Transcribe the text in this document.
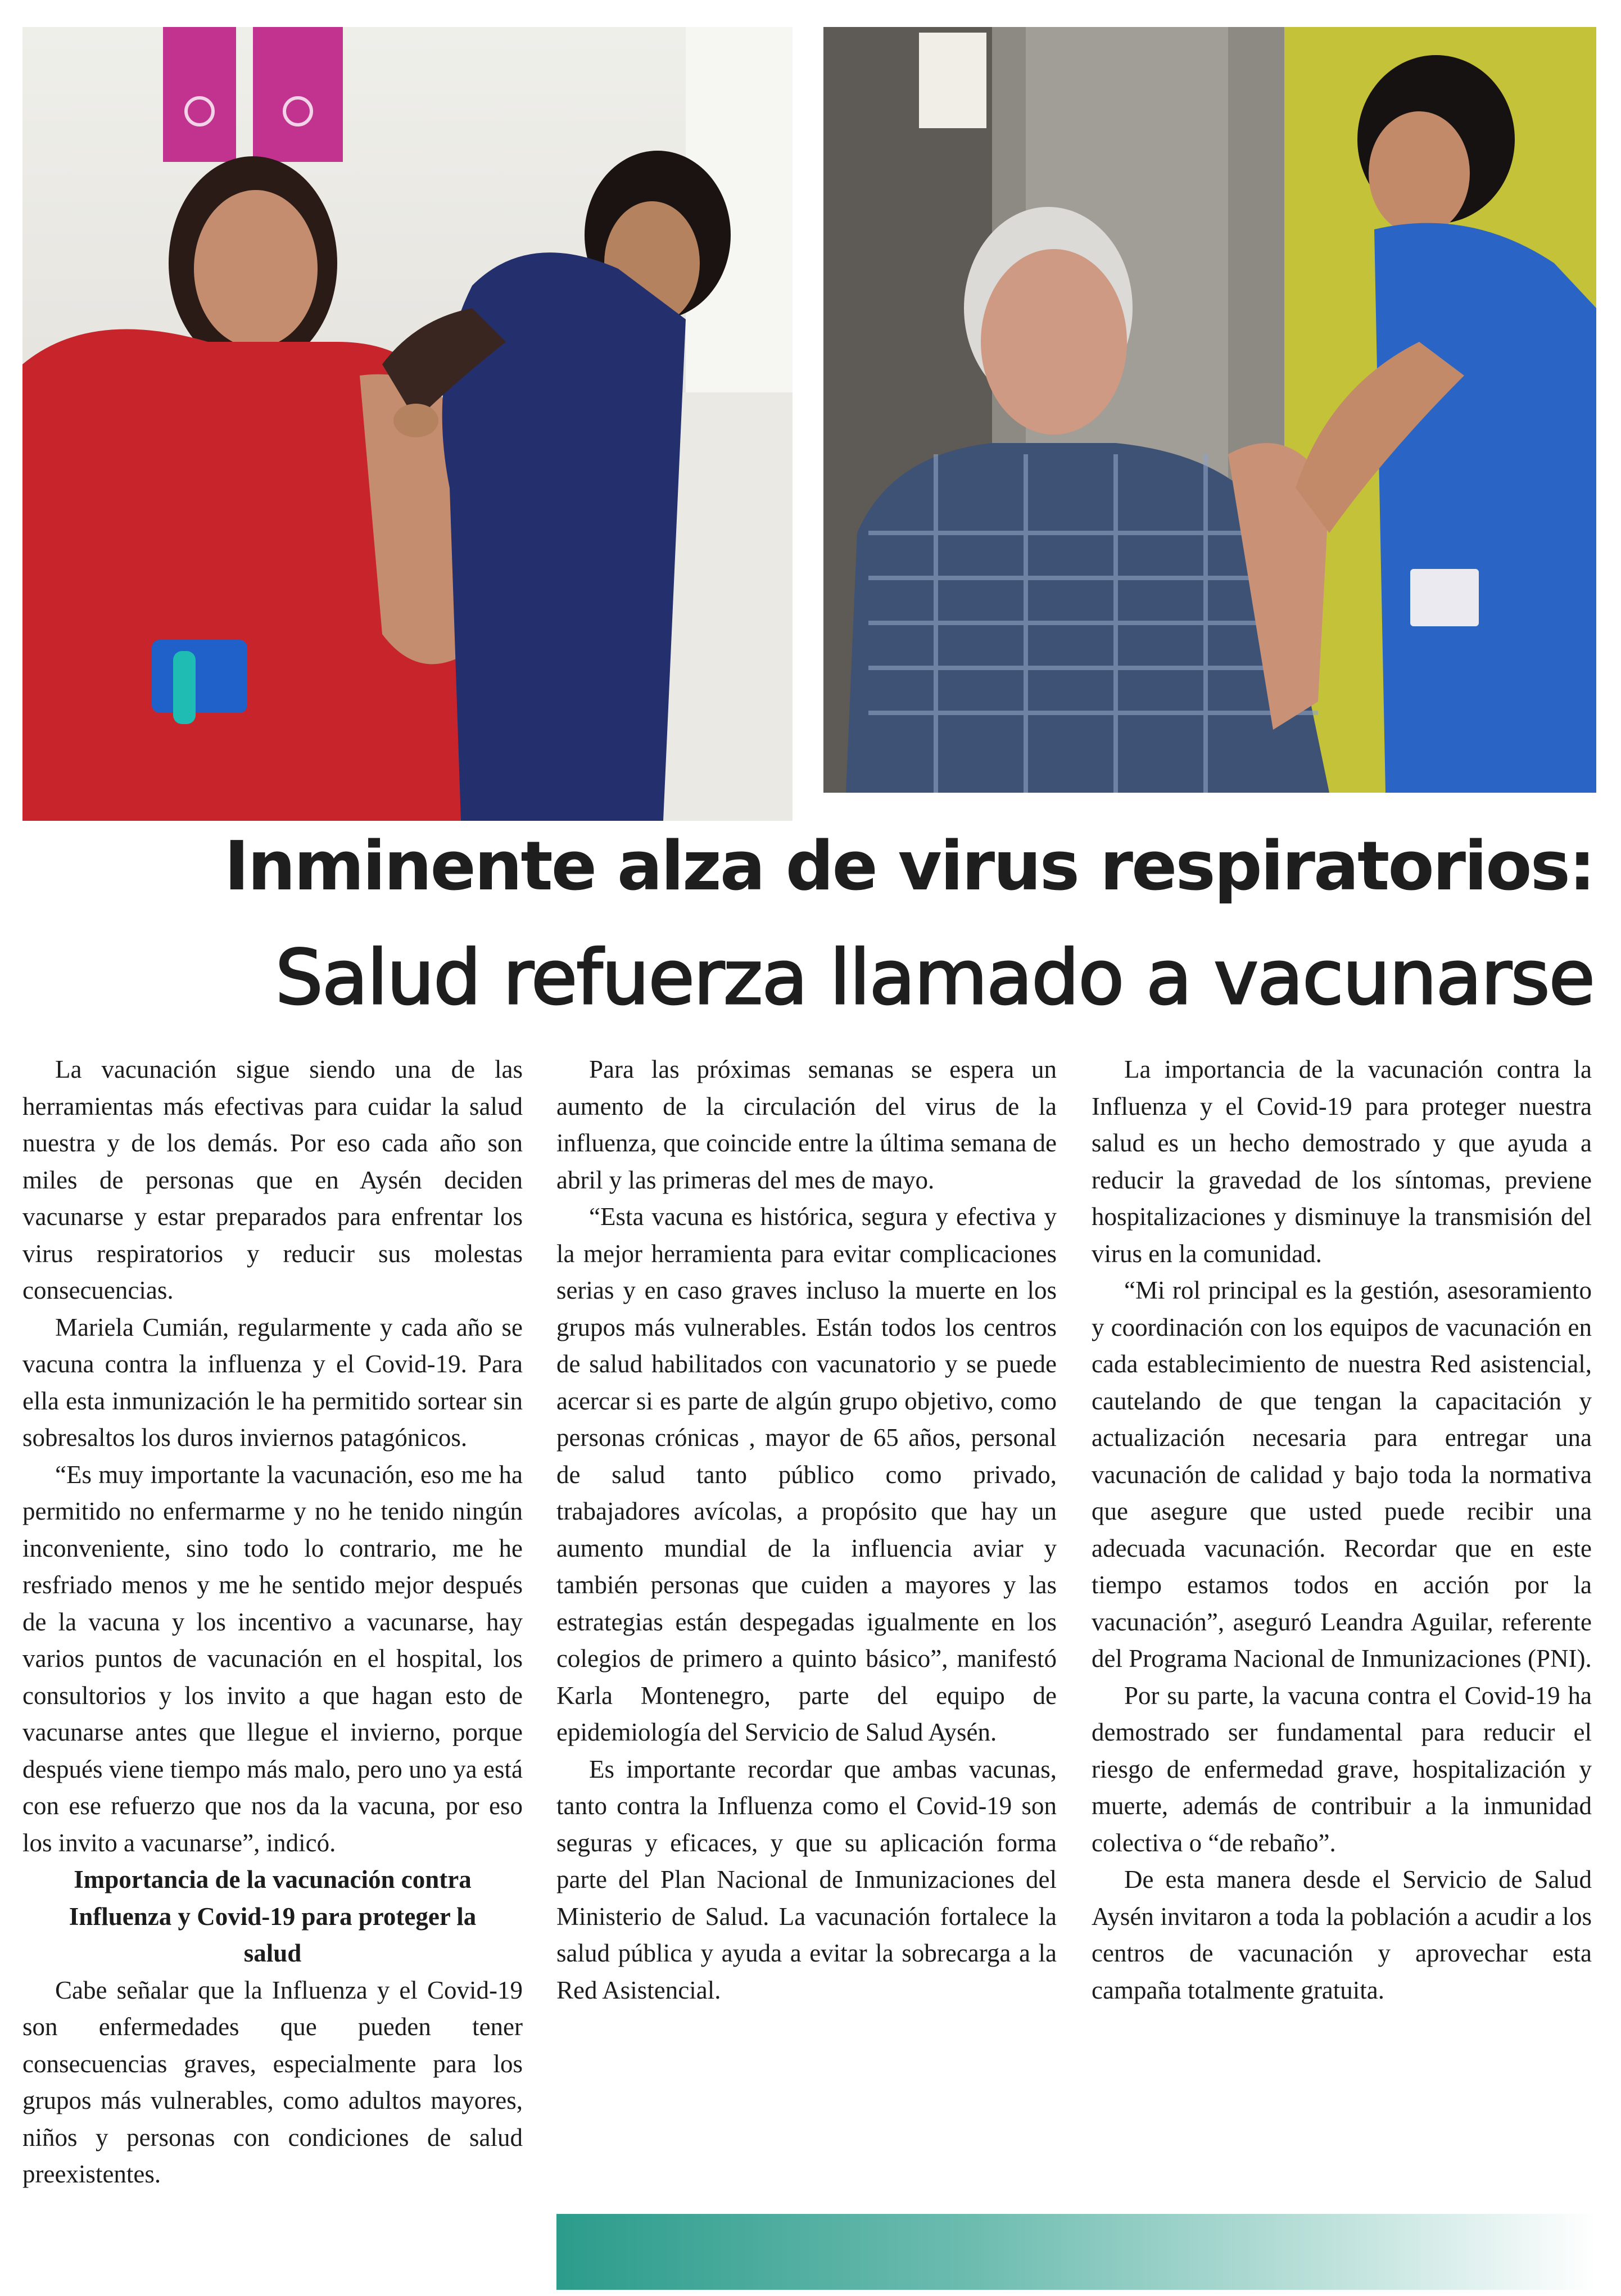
Inminente alza de virus respiratorios:
Salud refuerza llamado a vacunarse

La vacunación sigue siendo una de las herramientas más efectivas para cuidar la salud nuestra y de los demás. Por eso cada año son miles de personas que en Aysén deciden vacunarse y estar preparados para enfrentar los virus respiratorios y reducir sus molestas consecuencias.

Mariela Cumián, regularmente y cada año se vacuna contra la influenza y el Covid-19. Para ella esta inmunización le ha permitido sortear sin sobresaltos los duros inviernos patagónicos.

“Es muy importante la vacunación, eso me ha permitido no enfermarme y no he tenido ningún inconveniente, sino todo lo contrario, me he resfriado menos y me he sentido mejor después de la vacuna y los incentivo a vacunarse, hay varios puntos de vacunación en el hospital, los consultorios y los invito a que hagan esto de vacunarse antes que llegue el invierno, porque después viene tiempo más malo, pero uno ya está con ese refuerzo que nos da la vacuna, por eso los invito a vacunarse”, indicó.

Importancia de la vacunación contra Influenza y Covid-19 para proteger la salud

Cabe señalar que la Influenza y el Covid-19 son enfermedades que pueden tener consecuencias graves, especialmente para los grupos más vulnerables, como adultos mayores, niños y personas con condiciones de salud preexistentes.

Para las próximas semanas se espera un aumento de la circulación del virus de la influenza, que coincide entre la última semana de abril y las primeras del mes de mayo.

“Esta vacuna es histórica, segura y efectiva y la mejor herramienta para evitar complicaciones serias y en caso graves incluso la muerte en los grupos más vulnerables. Están todos los centros de salud habilitados con vacunatorio y se puede acercar si es parte de algún grupo objetivo, como personas crónicas , mayor de 65 años, personal de salud tanto público como privado, trabajadores avícolas, a propósito que hay un aumento mundial de la influencia aviar y también personas que cuiden a mayores y las estrategias están despegadas igualmente en los colegios de primero a quinto básico”, manifestó Karla Montenegro, parte del equipo de epidemiología del Servicio de Salud Aysén.

Es importante recordar que ambas vacunas, tanto contra la Influenza como el Covid-19 son seguras y eficaces, y que su aplicación forma parte del Plan Nacional de Inmunizaciones del Ministerio de Salud. La vacunación fortalece la salud pública y ayuda a evitar la sobrecarga a la Red Asistencial.

La importancia de la vacunación contra la Influenza y el Covid-19 para proteger nuestra salud es un hecho demostrado y que ayuda a reducir la gravedad de los síntomas, previene hospitalizaciones y disminuye la transmisión del virus en la comunidad.

“Mi rol principal es la gestión, asesoramiento y coordinación con los equipos de vacunación en cada establecimiento de nuestra Red asistencial, cautelando de que tengan la capacitación y actualización necesaria para entregar una vacunación de calidad y bajo toda la normativa que asegure que usted puede recibir una adecuada vacunación. Recordar que en este tiempo estamos todos en acción por la vacunación”, aseguró Leandra Aguilar, referente del Programa Nacional de Inmunizaciones (PNI).

Por su parte, la vacuna contra el Covid-19 ha demostrado ser fundamental para reducir el riesgo de enfermedad grave, hospitalización y muerte, además de contribuir a la inmunidad colectiva o “de rebaño”.

De esta manera desde el Servicio de Salud Aysén invitaron a toda la población a acudir a los centros de vacunación y aprovechar esta campaña totalmente gratuita.
